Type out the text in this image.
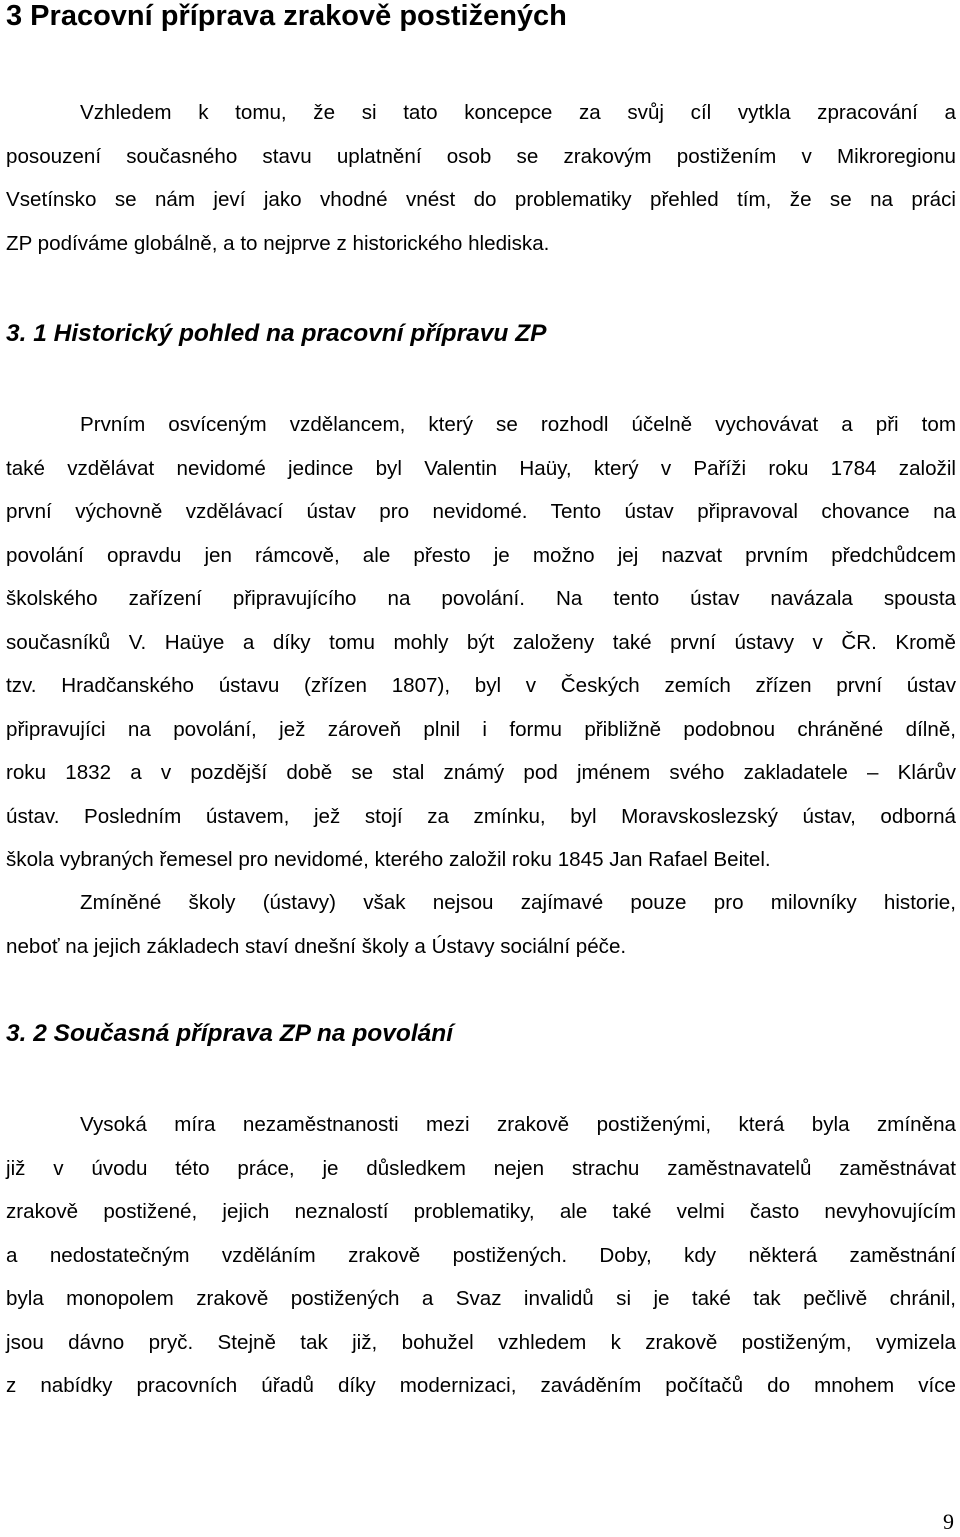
3 Pracovní příprava zrakově postižených
Vzhledem k tomu, že si tato koncepce za svůj cíl vytkla zpracování a
posouzení současného stavu uplatnění osob se zrakovým postižením v Mikroregionu
Vsetínsko se nám jeví jako vhodné vnést do problematiky přehled tím, že se na práci
ZP podíváme globálně, a to nejprve z historického hlediska.
3. 1 Historický pohled na pracovní přípravu ZP
Prvním osvíceným vzdělancem, který se rozhodl účelně vychovávat a při tom
také vzdělávat nevidomé jedince byl Valentin Haüy, který v Paříži roku 1784 založil
první výchovně vzdělávací ústav pro nevidomé. Tento ústav připravoval chovance na
povolání opravdu jen rámcově, ale přesto je možno jej nazvat prvním předchůdcem
školského zařízení připravujícího na povolání. Na tento ústav navázala spousta
současníků V. Haüye a díky tomu mohly být založeny také první ústavy v ČR. Kromě
tzv. Hradčanského ústavu (zřízen 1807), byl v Českých zemích zřízen první ústav
připravujíci na povolání, jež zároveň plnil i formu přibližně podobnou chráněné dílně,
roku 1832 a v pozdější době se stal známý pod jménem svého zakladatele – Klárův
ústav. Posledním ústavem, jež stojí za zmínku, byl Moravskoslezský ústav, odborná
škola vybraných řemesel pro nevidomé, kterého založil roku 1845 Jan Rafael Beitel.
Zmíněné školy (ústavy) však nejsou zajímavé pouze pro milovníky historie,
neboť na jejich základech staví dnešní školy a Ústavy sociální péče.
3. 2 Současná příprava ZP na povolání
Vysoká míra nezaměstnanosti mezi zrakově postiženými, která byla zmíněna
již v úvodu této práce, je důsledkem nejen strachu zaměstnavatelů zaměstnávat
zrakově postižené, jejich neznalostí problematiky, ale také velmi často nevyhovujícím
a nedostatečným vzděláním zrakově postižených. Doby, kdy některá zaměstnání
byla monopolem zrakově postižených a Svaz invalidů si je také tak pečlivě chránil,
jsou dávno pryč. Stejně tak již, bohužel vzhledem k zrakově postiženým, vymizela
z nabídky pracovních úřadů díky modernizaci, zaváděním počítačů do mnohem více
9
